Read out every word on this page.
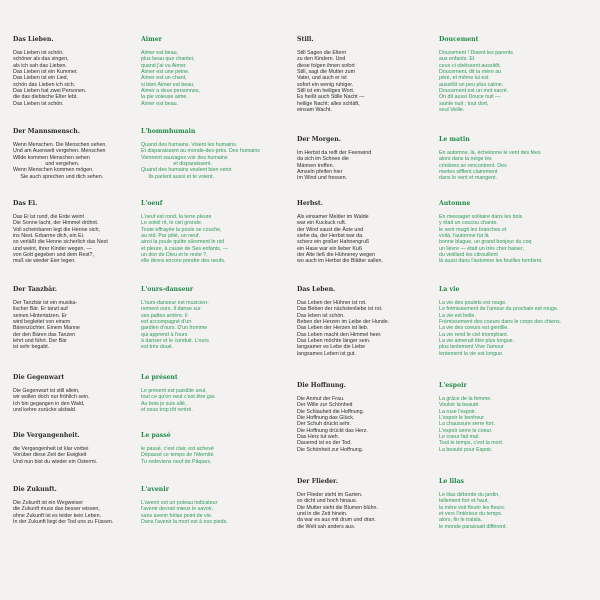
Das Lieben.
Das Lieben ist schön.
schöner als das singen,
als ich sah das Lieben.
Das Lieben ist ein Kummer.
Das Lieben ist ein Lied,
schön das Lieben ich sich.
Das Lieben hat zwei Personen.
die das diebische Elter lebt.
Das Lieben ist schön.
Der Mannsmensch.
Wenn Menschen. Die Menschen sehen.
Und am Auenwelt vergehen. Menschen
Wilde kommen Menschen sehen
und vergehen.
Wenn Menschen kommen mögen.
Sie auch sprechen und dich sehen.
Das Ei.
Das Ei ist rund, die Erde weint
Die Sonne lacht, der Himmel dröhnt.
Voll scheinbaren legt die Henne sich,
ins Nest. Erbarme dich, ein Ei.
so verläßt die Henne sicherlich das Nest
und weint, Ihrer Kinder wegen, —
von Gott gegeben und dem Rest?,
muß sie wieder Eier legen.
Der Tanzbär.
Der Tanzbär ist ein musika-
lischer Bär. Er tanzt auf
seinen Hintertatzen. Er
wird begleitet von einem
Bärenzüchter. Einem Manne
der den Bären das Tanzen
lehrt und führt. Der Bär
ist sehr begabt.
Die Gegenwart
Die Gegenwart ist still allein,
wir wollen doch nur fröhlich sein.
Ich bin gegangen in den Wald,
und kehre zurücke alsbald.
Die Vergangenheit.
die Vergangenheit ist klar vorbei
Vorüber diese Zeit der Ewigkeit
Und nun bist du wieder ein Ostermi.
Die Zukunft.
Die Zukunft ist ein Wegweiser
die Zukunft muss das besser wissen,
ohne Zukunft ist es leider kein Leben.
In der Zukunft liegt der Tod uns zu Füssen.
Aimer
Aimer est beau,
plus beau que chanter,
quand j'ai vu Aimer.
Aimer est une peine.
Aimer est un chant,
si bien Aimer est beau.
Aimer a deux personnes,
la pie voleuse aime.
Aimer est beau.
L'hommhumain
Quand des humains. Voient les humains.
Et disparaissent au monde-des-près. Des humains
Viennent sauvages voir des humains
et disparaissent.
Quand des humains veulent bien venir.
Ils parlent aussi et te voient.
L'oeuf
L'oeuf est rond, la terre pleure
Le soleil rit, le ciel gronde.
Toute effrayée la poule se couche,
au nid. Par pitié, un oeuf.
ainsi la poule quitte sûrement le nid
et pleure, à cause de Ses enfants, —
un don de Dieu et le reste ?,
elle devra encore pondre des oeufs.
L'ours-danseur
L'ours-danseur est musicien-
nement ours. Il danse sur
ses pattes arrière. Il
est accompagné d'un
gardien d'ours. D'un homme
qui apprend à l'ours
à danser et le conduit. L'ours
est très doué.
Le présent
Le présent est paisible seul,
tout ce qu'on veut c'est être gai.
Au bois je suis allé,
et sous trop tôt rentré.
Le passé
le passé, c'est clair, est achevé
Dépassé ce temps de l'éternité
Tu redeviens oeuf de Pâques.
L'avenir
L'avenir est un poteau indicateur
l'avenir devrait mieux le savoir,
sans avenir hélas point de vie.
Dans l'avenir la mort est à nos pieds.
Still.
Still Sagen die Eltern
zu den Kindern. Und
diese folgen ihnen sofort
Still, sagt die Mutter zum
Vater, und auch er ist
sofort ein wenig ruhiger.
Still ist ein heiliges Wort.
Es heißt auch Stille Nacht —
heilige Nacht; alles schläft,
einsam Wacht.
Der Morgen.
Im Herbst da reift der Feenwind
da sich im Schnee die
Männen treffen.
Amseln pfeifen hier
Im Wind und fressen.
Herbst.
Als einsamer Melder im Walde
war ein Kuckuck ruft.
der Wind saust die Äste und
siehe da, der Herbst war da.
scherz ein großer Hahnengruß
ein Hase war ein lieber Kuß
der Alte ließ die Hühnerey wegen
wo auch im Herbst die Blätter sallen.
Das Leben.
Das Leben der Hühner ist rot.
Das Beben der nächstenliebe ist rot.
Das leben ist schön.
Beben der Herzen im Leibe der Hunde.
Das Leben der Herzen ist lieb.
Das Leben macht den Himmel heer.
Das Leben möchte länger sein.
langsamer es Lebe die Liebe
langsames Leben ist gut.
Die Hoffnung.
Die Anmut der Frau.
Der Wille zur Schönheit
Die Schlauheit die Hoffnung.
Die Hoffnung das Glück.
Der Schuh drückt sehr.
Die Hoffnung drückt das Herz.
Das Herz tut weh.
Dauernd ist es der Tod.
Die Schönheit zur Hoffnung.
Der Flieder.
Der Flieder steht im Garten.
so dicht und hoch hinaus.
Die Mutter sieht die Blumen blühn.
und in die Zeit hinein.
da war es aus mit drum und dran.
die Welt sah anders aus.
Doucement
Doucement ! Disent les parents
aux enfants. Et
ceux-ci obéissent aussitôt.
Doucement, dit la mère au
père, et même lui est
aussitôt un peu plus calme.
Doucement est un mot sacré.
On dit aussi Douce nuit —
sainte nuit ; tout dort,
seul Veille.
Le matin
En automne, là, échelonne le vent des fées
alors dans la neige les
crinières se rencontrent. Des
merles sifflent clairement
dans le vent et mangent.
Automne
En messager solitaire dans les bois
y était un coucou chante.
le vent mugit les branches et
voilà, l'automne fut là
bonne blague, un grand bonjour du coq
un lièvre — était un très cher baiser,
du vieillard les citrouillent
là aussi dans l'automne les feuilles tombent.
La vie
La vie des poulets est rouge.
Le frémissement de l'amour du prochain est rouge.
La vie est belle.
Frémissement des coeurs dans le corps des chiens.
La vie des coeurs est gentille.
La vie rend le ciel triomphant.
La vie aimerait être plus longue.
plus lentement Vive l'amour
lentement la vie est longue.
L'espoir
La grâce de la femme.
Vouloir la beauté
La ruse l'espoir.
L'espoir le bonheur.
La chaussure serre fort.
L'espoir serre le coeur.
Le coeur fait mal.
Tout le temps, c'est la mort.
La beauté pour Espoir.
Le lilas
Le lilas déborde du jardin,
tellement fort et haut,
la mère voit fleurir les fleurs.
et vers l'intérieur du temps.
alors, fin le tralala.
le monde paraissait différent.
